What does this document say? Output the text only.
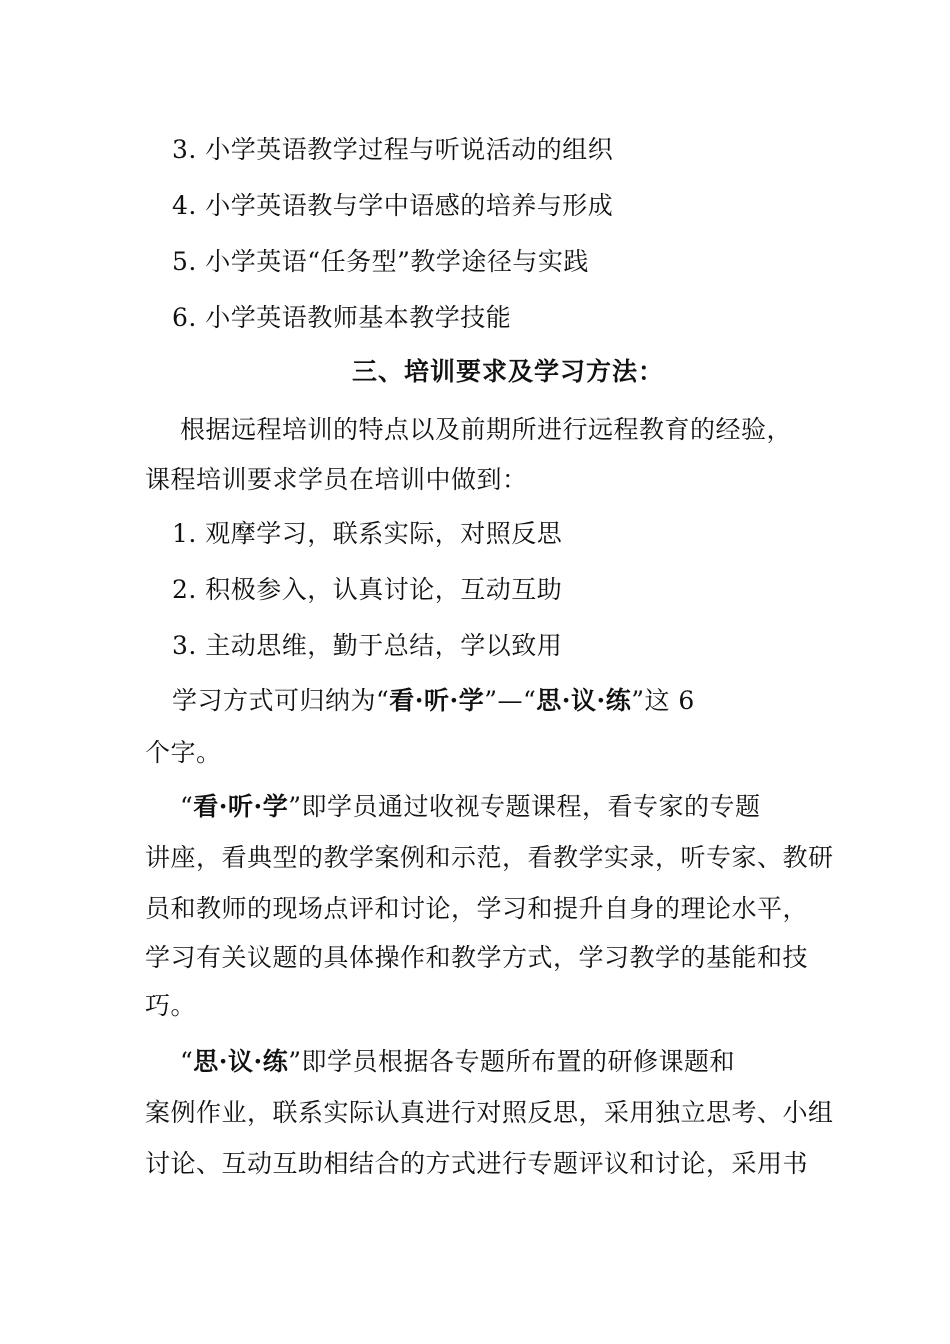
3. 小学英语教学过程与听说活动的组织
4. 小学英语教与学中语感的培养与形成
5. 小学英语“任务型”教学途径与实践
6. 小学英语教师基本教学技能
三、培训要求及学习方法：
根据远程培训的特点以及前期所进行远程教育的经验，
课程培训要求学员在培训中做到：
1. 观摩学习，联系实际，对照反思
2. 积极参入，认真讨论，互动互助
3. 主动思维，勤于总结，学以致用
学习方式可归纳为“看·听·学”—“思·议·练”这 6
个字。
“看·听·学”即学员通过收视专题课程，看专家的专题
讲座，看典型的教学案例和示范，看教学实录，听专家、教研
员和教师的现场点评和讨论，学习和提升自身的理论水平，
学习有关议题的具体操作和教学方式，学习教学的基能和技
巧。
“思·议·练”即学员根据各专题所布置的研修课题和
案例作业，联系实际认真进行对照反思，采用独立思考、小组
讨论、互动互助相结合的方式进行专题评议和讨论，采用书
